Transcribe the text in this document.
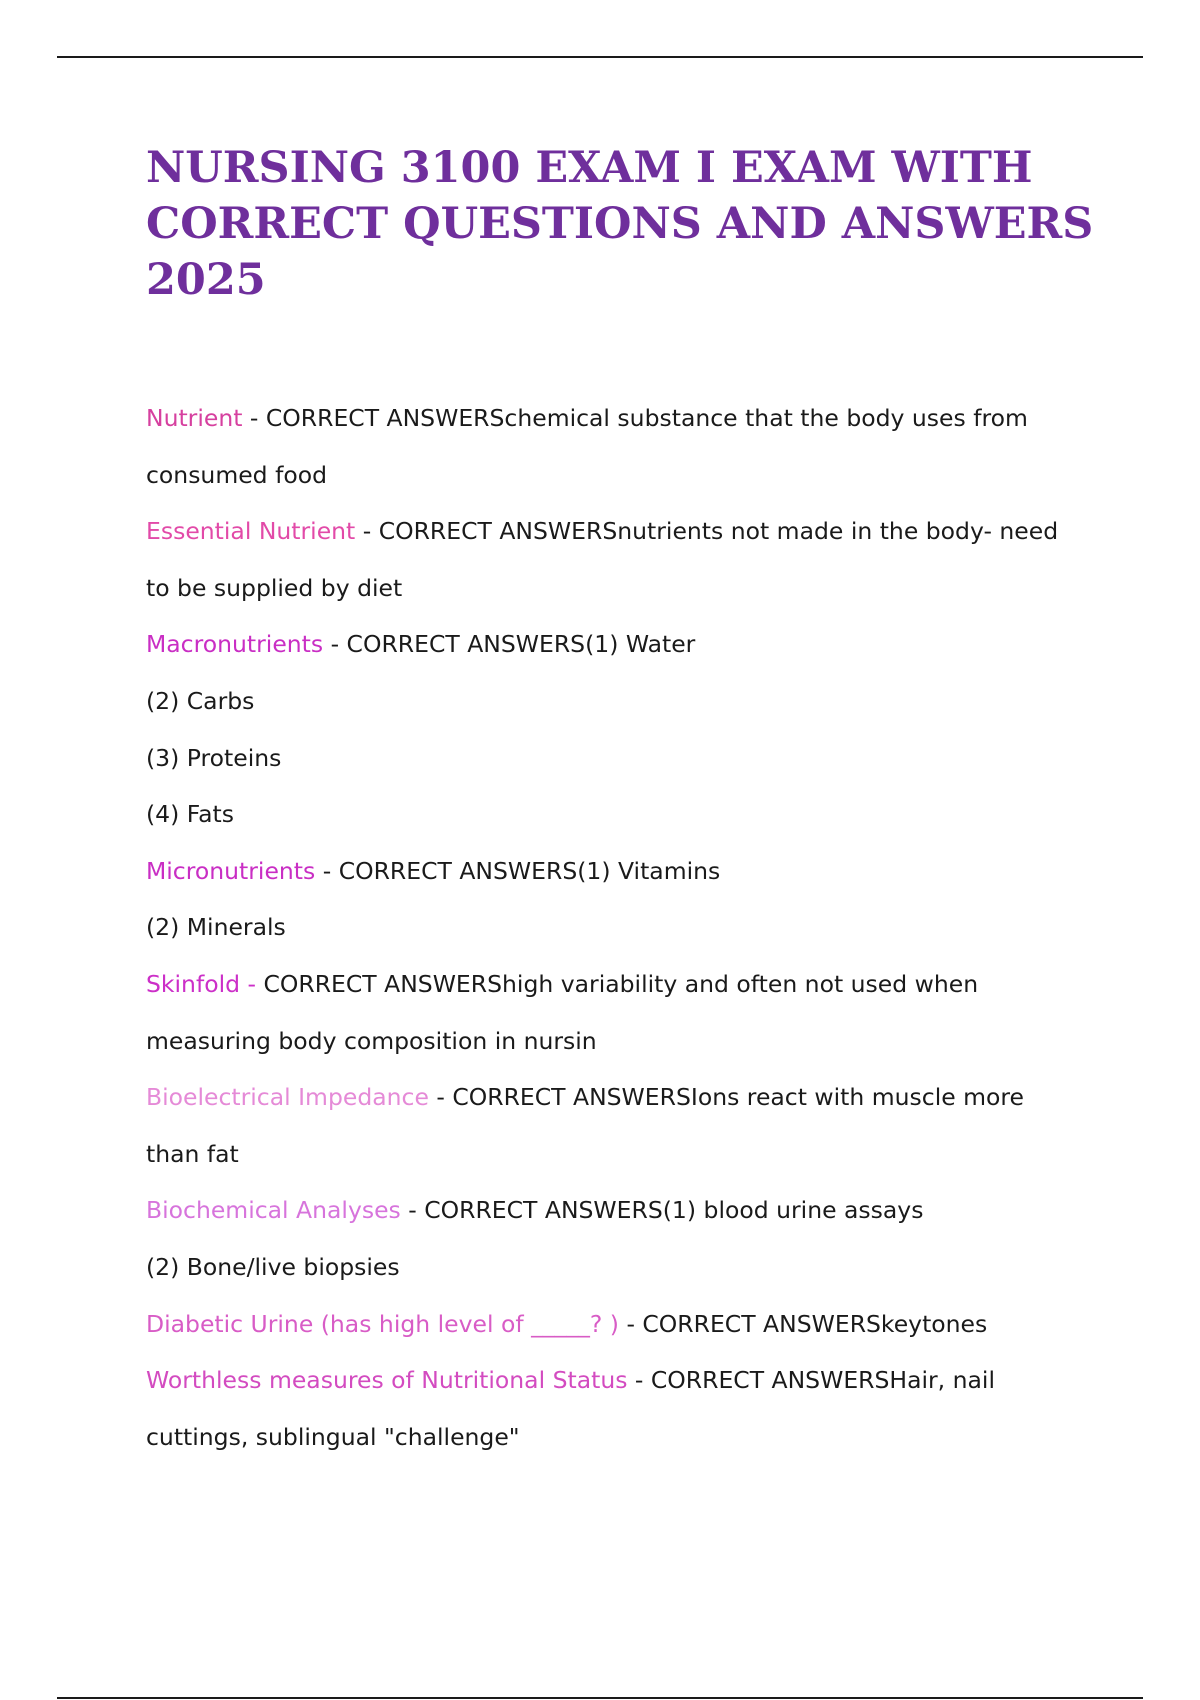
NURSING 3100 EXAM I EXAM WITH CORRECT QUESTIONS AND ANSWERS 2025
Nutrient - CORRECT ANSWERSchemical substance that the body uses from
consumed food
Essential Nutrient - CORRECT ANSWERSnutrients not made in the body- need
to be supplied by diet
Macronutrients - CORRECT ANSWERS(1) Water
(2) Carbs
(3) Proteins
(4) Fats
Micronutrients - CORRECT ANSWERS(1) Vitamins
(2) Minerals
Skinfold - CORRECT ANSWERShigh variability and often not used when
measuring body composition in nursin
Bioelectrical Impedance - CORRECT ANSWERSIons react with muscle more
than fat
Biochemical Analyses - CORRECT ANSWERS(1) blood urine assays
(2) Bone/live biopsies
Diabetic Urine (has high level of _____? ) - CORRECT ANSWERSkeytones
Worthless measures of Nutritional Status - CORRECT ANSWERSHair, nail
cuttings, sublingual "challenge"
